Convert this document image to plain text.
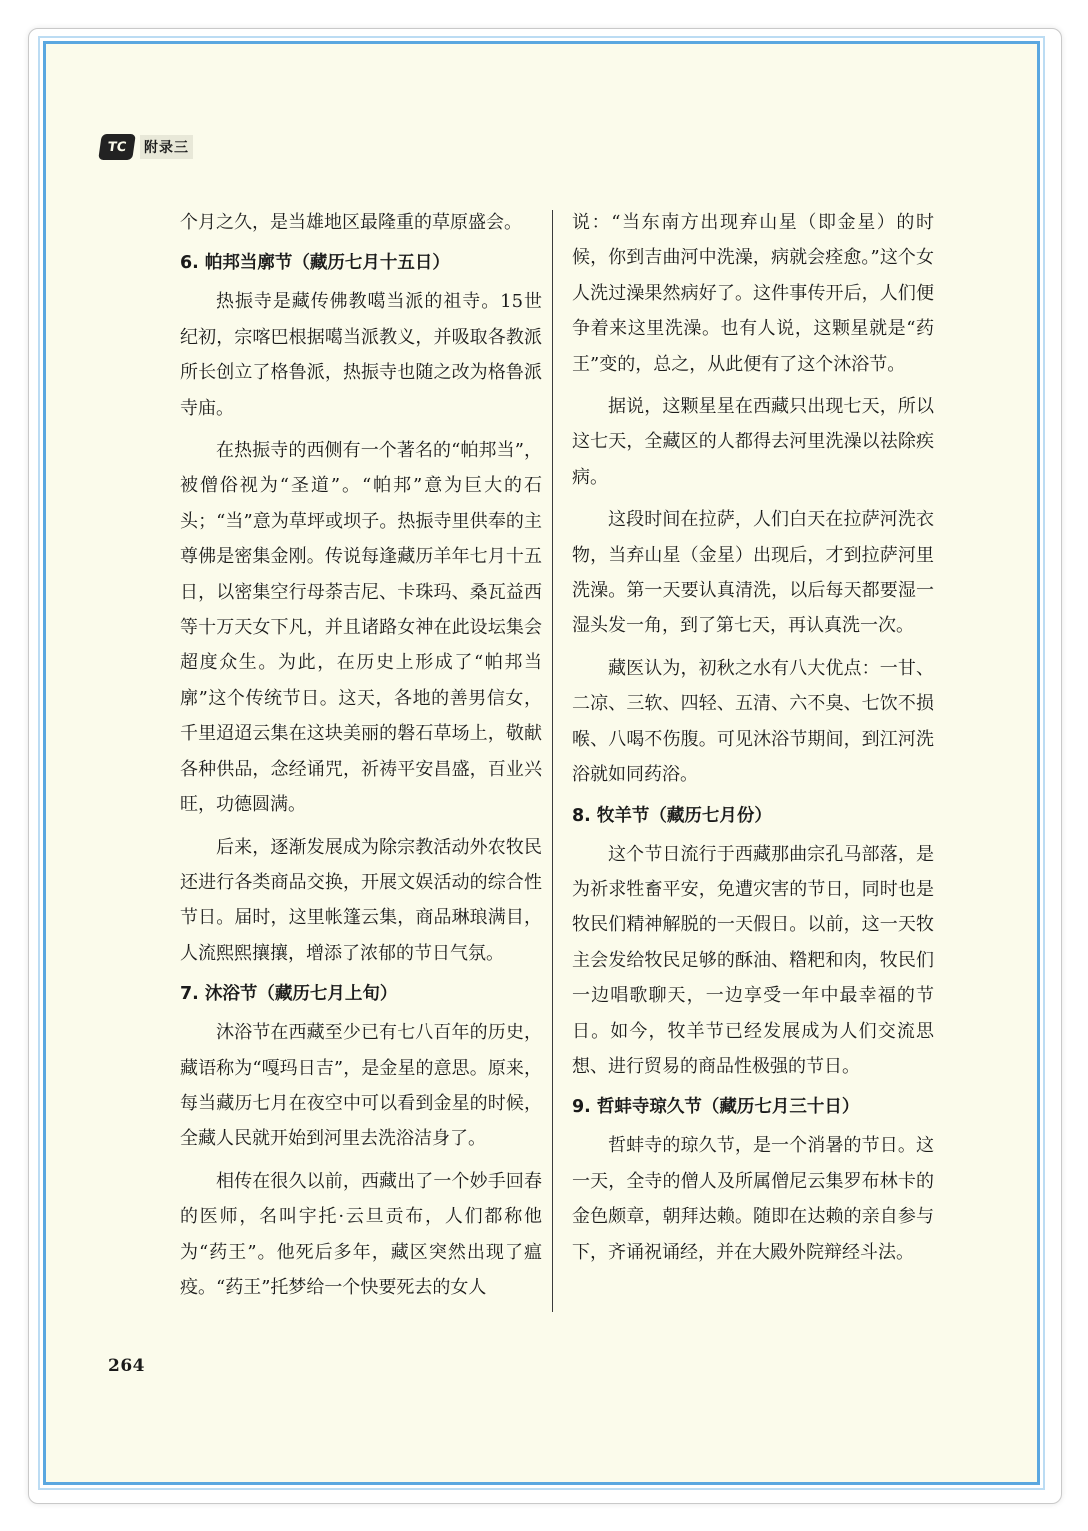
TC	附录三

个月之久，是当雄地区最隆重的草原盛会。

6. 帕邦当廓节（藏历七月十五日）

热振寺是藏传佛教噶当派的祖寺。15世纪初，宗喀巴根据噶当派教义，并吸取各教派所长创立了格鲁派，热振寺也随之改为格鲁派寺庙。

在热振寺的西侧有一个著名的“帕邦当”，被僧俗视为“圣道”。“帕邦”意为巨大的石头；“当”意为草坪或坝子。热振寺里供奉的主尊佛是密集金刚。传说每逢藏历羊年七月十五日，以密集空行母荼吉尼、卡珠玛、桑瓦益西等十万天女下凡，并且诸路女神在此设坛集会超度众生。为此，在历史上形成了“帕邦当廓”这个传统节日。这天，各地的善男信女，千里迢迢云集在这块美丽的磐石草场上，敬献各种供品，念经诵咒，祈祷平安昌盛，百业兴旺，功德圆满。

后来，逐渐发展成为除宗教活动外农牧民还进行各类商品交换，开展文娱活动的综合性节日。届时，这里帐篷云集，商品琳琅满目，人流熙熙攘攘，增添了浓郁的节日气氛。

7. 沐浴节（藏历七月上旬）

沐浴节在西藏至少已有七八百年的历史，藏语称为“嘎玛日吉”，是金星的意思。原来，每当藏历七月在夜空中可以看到金星的时候，全藏人民就开始到河里去洗浴洁身了。

相传在很久以前，西藏出了一个妙手回春的医师，名叫宇托·云旦贡布，人们都称他为“药王”。他死后多年，藏区突然出现了瘟疫。“药王”托梦给一个快要死去的女人

说：“当东南方出现弃山星（即金星）的时候，你到吉曲河中洗澡，病就会痊愈。”这个女人洗过澡果然病好了。这件事传开后，人们便争着来这里洗澡。也有人说，这颗星就是“药王”变的，总之，从此便有了这个沐浴节。

据说，这颗星星在西藏只出现七天，所以这七天，全藏区的人都得去河里洗澡以祛除疾病。

这段时间在拉萨，人们白天在拉萨河洗衣物，当弃山星（金星）出现后，才到拉萨河里洗澡。第一天要认真清洗，以后每天都要湿一湿头发一角，到了第七天，再认真洗一次。

藏医认为，初秋之水有八大优点：一甘、二凉、三软、四轻、五清、六不臭、七饮不损喉、八喝不伤腹。可见沐浴节期间，到江河洗浴就如同药浴。

8. 牧羊节（藏历七月份）

这个节日流行于西藏那曲宗孔马部落，是为祈求牲畜平安，免遭灾害的节日，同时也是牧民们精神解脱的一天假日。以前，这一天牧主会发给牧民足够的酥油、糌粑和肉，牧民们一边唱歌聊天，一边享受一年中最幸福的节日。如今，牧羊节已经发展成为人们交流思想、进行贸易的商品性极强的节日。

9. 哲蚌寺琼久节（藏历七月三十日）

哲蚌寺的琼久节，是一个消暑的节日。这一天，全寺的僧人及所属僧尼云集罗布林卡的金色颇章，朝拜达赖。随即在达赖的亲自参与下，齐诵祝诵经，并在大殿外院辩经斗法。

264
